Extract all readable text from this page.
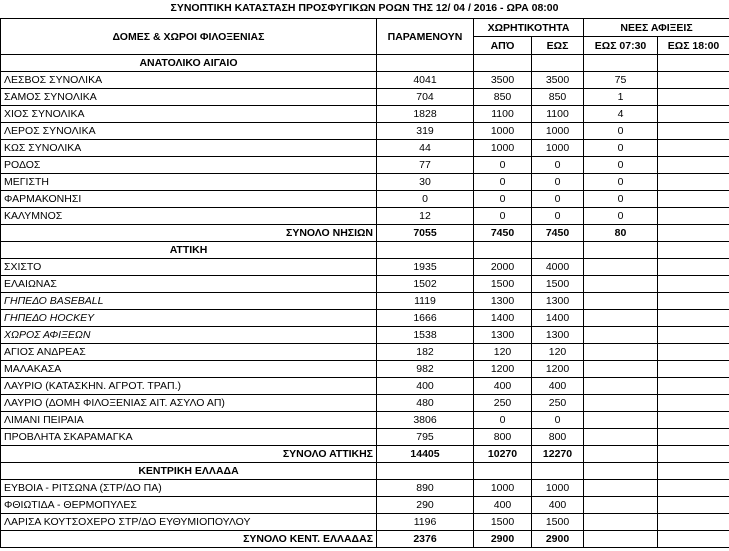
ΣΥΝΟΠΤΙΚΗ ΚΑΤΑΣΤΑΣΗ ΠΡΟΣΦΥΓΙΚΩΝ ΡΟΩΝ ΤΗΣ 12/ 04 / 2016 - ΩΡΑ 08:00
ΔΟΜΕΣ & ΧΩΡΟΙ ΦΙΛΟΞΕΝΙΑΣ	ΠΑΡΑΜΕΝΟΥΝ	ΧΩΡΗΤΙΚΟΤΗΤΑ		ΝΕΕΣ ΑΦΙΞΕΙΣ	
		ΑΠΌ	ΕΩΣ	ΕΩΣ 07:30	ΕΩΣ 18:00
ΑΝΑΤΟΛΙΚΟ ΑΙΓΑΙΟ					
ΛΕΣΒΟΣ ΣΥΝΟΛΙΚΑ	4041	3500	3500	75	
ΣΑΜΟΣ ΣΥΝΟΛΙΚΑ	704	850	850	1	
ΧΙΟΣ ΣΥΝΟΛΙΚΑ	1828	1100	1100	4	
ΛΕΡΟΣ ΣΥΝΟΛΙΚΑ	319	1000	1000	0	
ΚΩΣ ΣΥΝΟΛΙΚΑ	44	1000	1000	0	
ΡΟΔΟΣ	77	0	0	0	
ΜΕΓΙΣΤΗ	30	0	0	0	
ΦΑΡΜΑΚΟΝΗΣΙ	0	0	0	0	
ΚΑΛΥΜΝΟΣ	12	0	0	0	
ΣΥΝΟΛΟ ΝΗΣΙΩΝ	7055	7450	7450	80	
ΑΤΤΙΚΗ					
ΣΧΙΣΤΟ	1935	2000	4000		
ΕΛΑΙΩΝΑΣ	1502	1500	1500		
ΓΗΠΕΔΟ BASEBALL	1119	1300	1300		
ΓΗΠΕΔΟ HOCKEY	1666	1400	1400		
ΧΩΡΟΣ ΑΦΙΞΕΩΝ	1538	1300	1300		
ΑΓΙΟΣ ΑΝΔΡΕΑΣ	182	120	120		
ΜΑΛΑΚΑΣΑ	982	1200	1200		
ΛΑΥΡΙΟ (ΚΑΤΑΣΚΗΝ. ΑΓΡΟΤ. ΤΡΑΠ.)	400	400	400		
ΛΑΥΡΙΟ (ΔΟΜΗ ΦΙΛΟΞΕΝΙΑΣ ΑΙΤ. ΑΣΥΛΟ ΑΠ)	480	250	250		
ΛΙΜΑΝΙ ΠΕΙΡΑΙΑ	3806	0	0		
ΠΡΟΒΛΗΤΑ ΣΚΑΡΑΜΑΓΚΑ	795	800	800		
ΣΥΝΟΛΟ ΑΤΤΙΚΗΣ	14405	10270	12270		
ΚΕΝΤΡΙΚΗ ΕΛΛΑΔΑ					
ΕΥΒΟΙΑ - ΡΙΤΣΩΝΑ (ΣΤΡ/ΔΟ ΠΑ)	890	1000	1000		
ΦΘΙΩΤΙΔΑ - ΘΕΡΜΟΠΥΛΕΣ	290	400	400		
ΛΑΡΙΣΑ ΚΟΥΤΣΟΧΕΡΟ ΣΤΡ/ΔΟ ΕΥΘΥΜΙΟΠΟΥΛΟΥ	1196	1500	1500		
ΣΥΝΟΛΟ ΚΕΝΤ. ΕΛΛΑΔΑΣ	2376	2900	2900		
